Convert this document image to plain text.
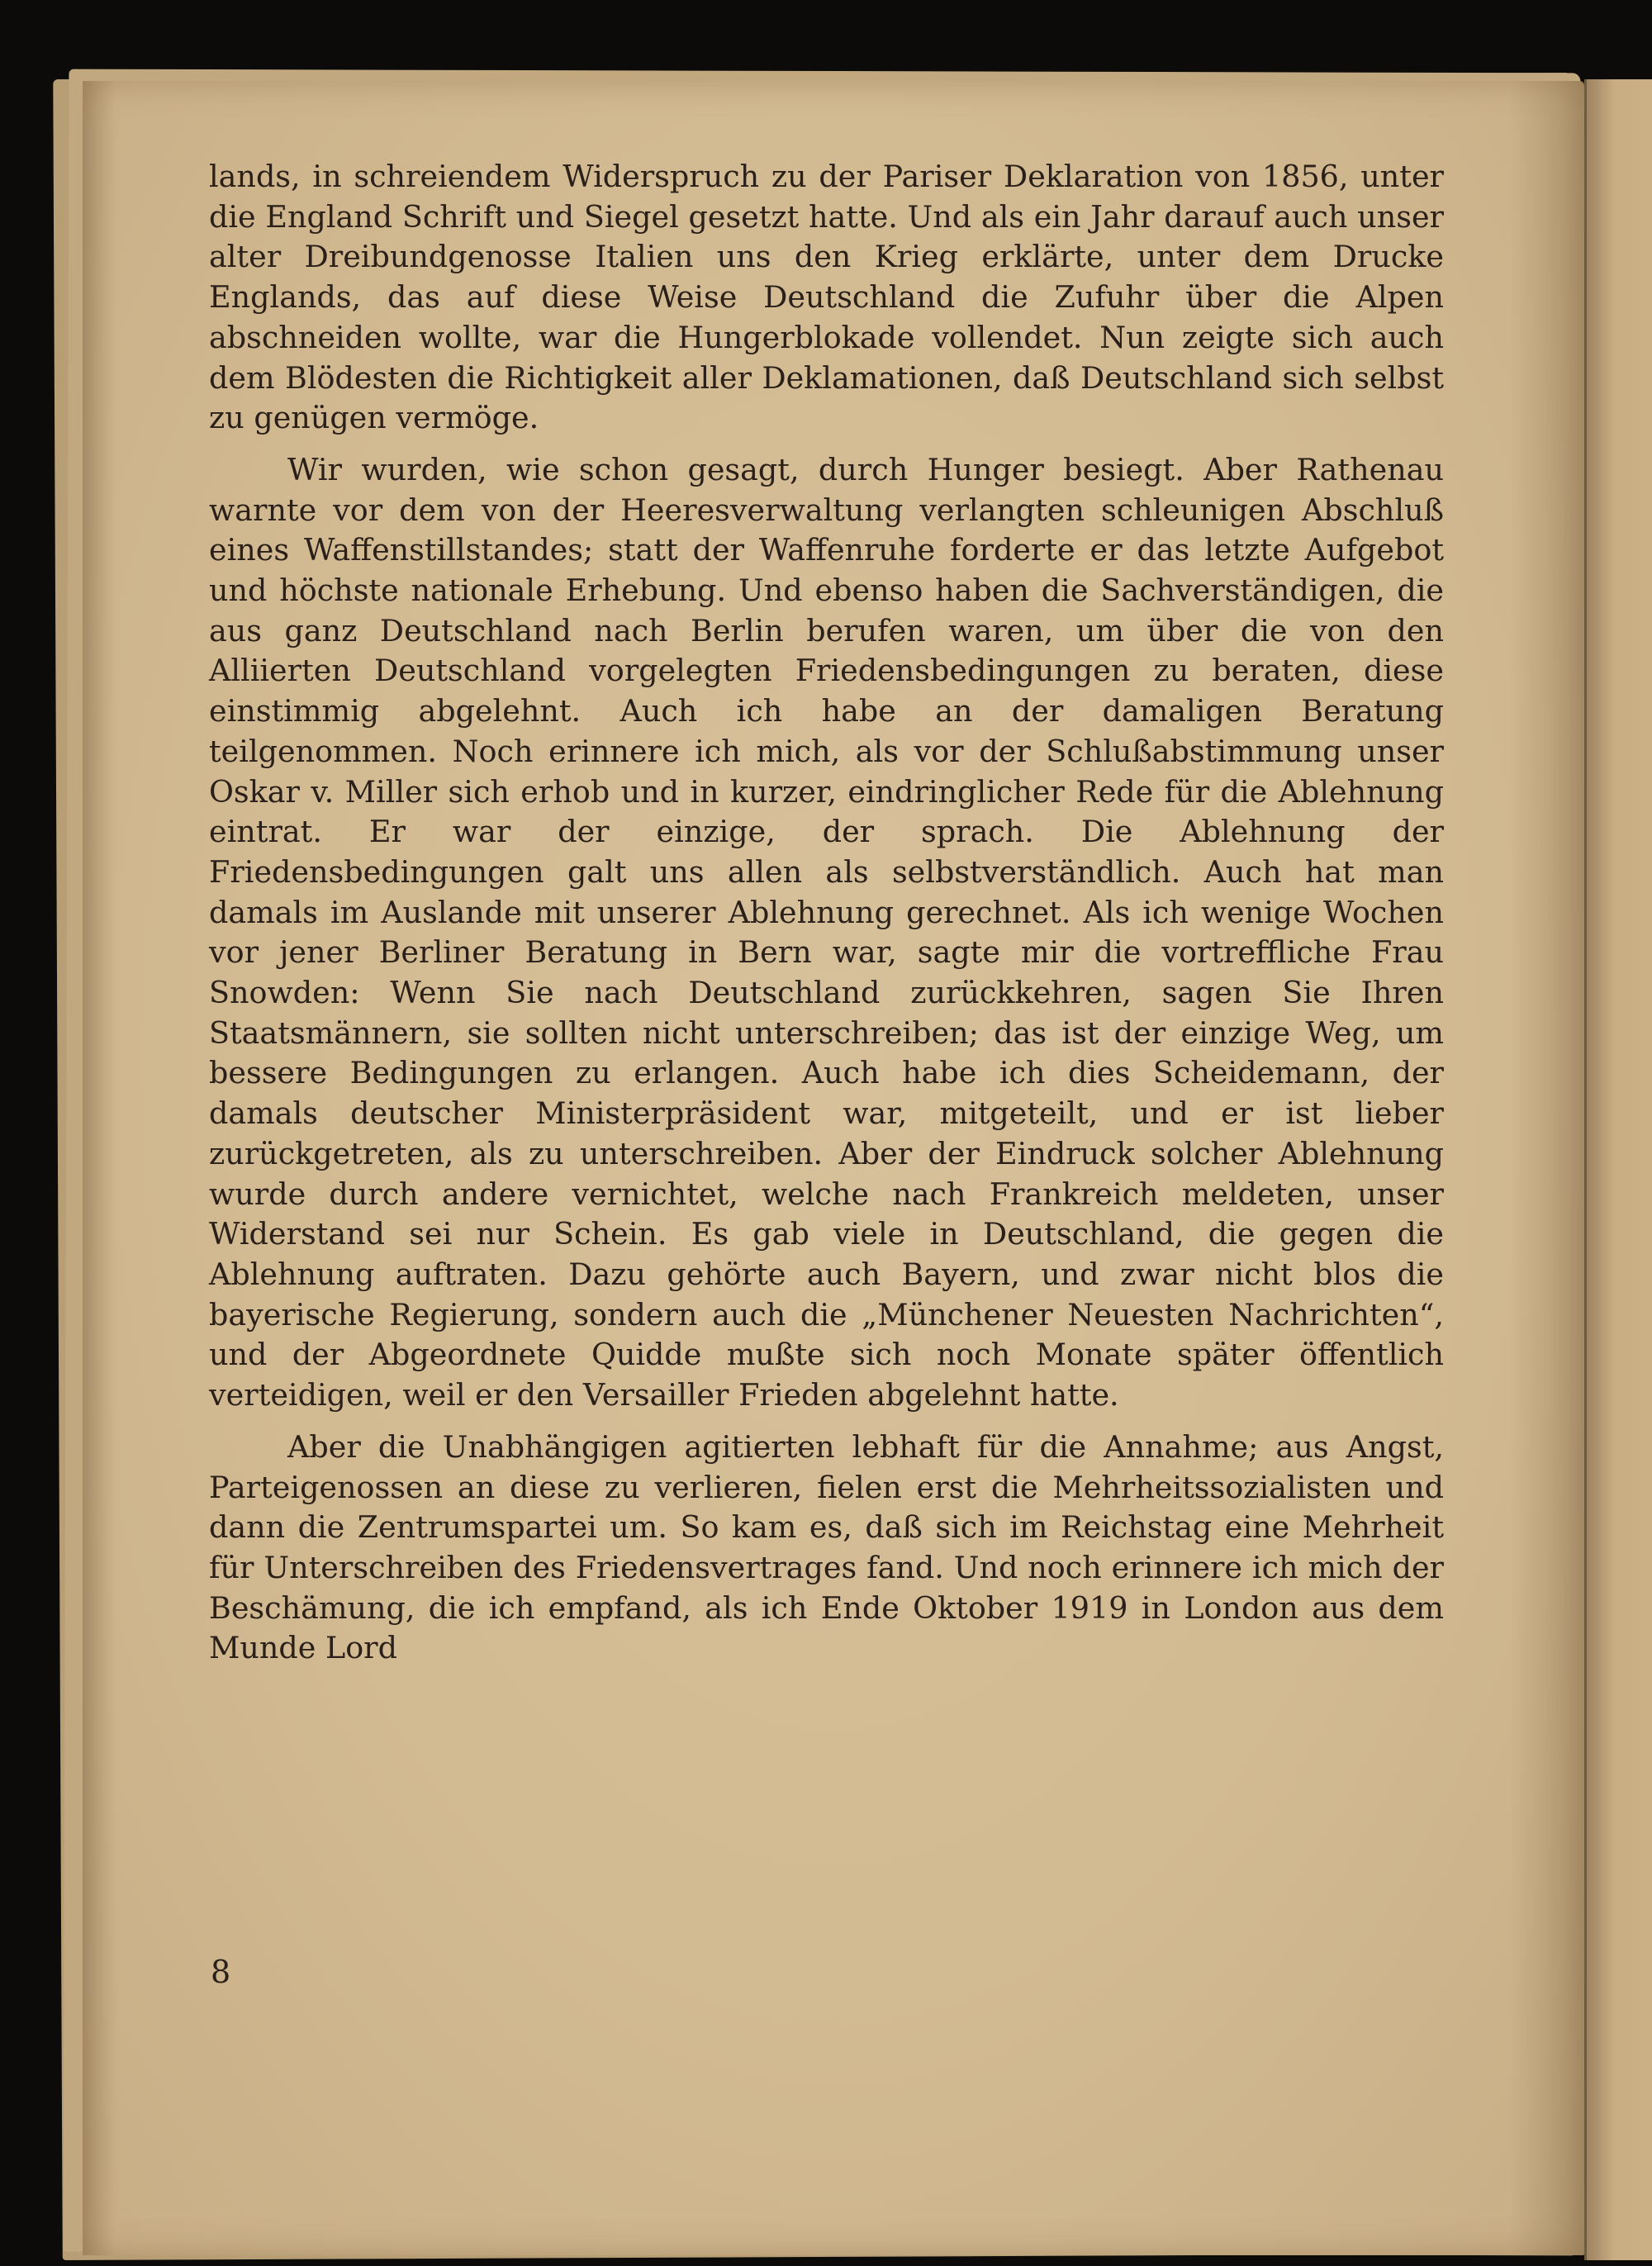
lands, in schreiendem Widerspruch zu der Pariser Deklaration von 1856, unter die England Schrift und Siegel gesetzt hatte. Und als ein Jahr darauf auch unser alter Dreibundgenosse Italien uns den Krieg erklärte, unter dem Drucke Englands, das auf diese Weise Deutschland die Zufuhr über die Alpen abschneiden wollte, war die Hungerblokade vollendet. Nun zeigte sich auch dem Blödesten die Richtigkeit aller Deklamationen, daß Deutschland sich selbst zu genügen vermöge.

Wir wurden, wie schon gesagt, durch Hunger besiegt. Aber Rathenau warnte vor dem von der Heeresverwaltung verlangten schleunigen Abschluß eines Waffenstillstandes; statt der Waffenruhe forderte er das letzte Aufgebot und höchste nationale Erhebung. Und ebenso haben die Sachverständigen, die aus ganz Deutschland nach Berlin berufen waren, um über die von den Alliierten Deutschland vorgelegten Friedensbedingungen zu beraten, diese einstimmig abgelehnt. Auch ich habe an der damaligen Beratung teilgenommen. Noch erinnere ich mich, als vor der Schlußabstimmung unser Oskar v. Miller sich erhob und in kurzer, eindringlicher Rede für die Ablehnung eintrat. Er war der einzige, der sprach. Die Ablehnung der Friedensbedingungen galt uns allen als selbstverständlich. Auch hat man damals im Auslande mit unserer Ablehnung gerechnet. Als ich wenige Wochen vor jener Berliner Beratung in Bern war, sagte mir die vortreffliche Frau Snowden: Wenn Sie nach Deutschland zurückkehren, sagen Sie Ihren Staatsmännern, sie sollten nicht unterschreiben; das ist der einzige Weg, um bessere Bedingungen zu erlangen. Auch habe ich dies Scheidemann, der damals deutscher Ministerpräsident war, mitgeteilt, und er ist lieber zurückgetreten, als zu unterschreiben. Aber der Eindruck solcher Ablehnung wurde durch andere vernichtet, welche nach Frankreich meldeten, unser Widerstand sei nur Schein. Es gab viele in Deutschland, die gegen die Ablehnung auftraten. Dazu gehörte auch Bayern, und zwar nicht blos die bayerische Regierung, sondern auch die „Münchener Neuesten Nachrichten“, und der Abgeordnete Quidde mußte sich noch Monate später öffentlich verteidigen, weil er den Versailler Frieden abgelehnt hatte.

Aber die Unabhängigen agitierten lebhaft für die Annahme; aus Angst, Parteigenossen an diese zu verlieren, fielen erst die Mehrheitssozialisten und dann die Zentrumspartei um. So kam es, daß sich im Reichstag eine Mehrheit für Unterschreiben des Friedensvertrages fand. Und noch erinnere ich mich der Beschämung, die ich empfand, als ich Ende Oktober 1919 in London aus dem Munde Lord

8
